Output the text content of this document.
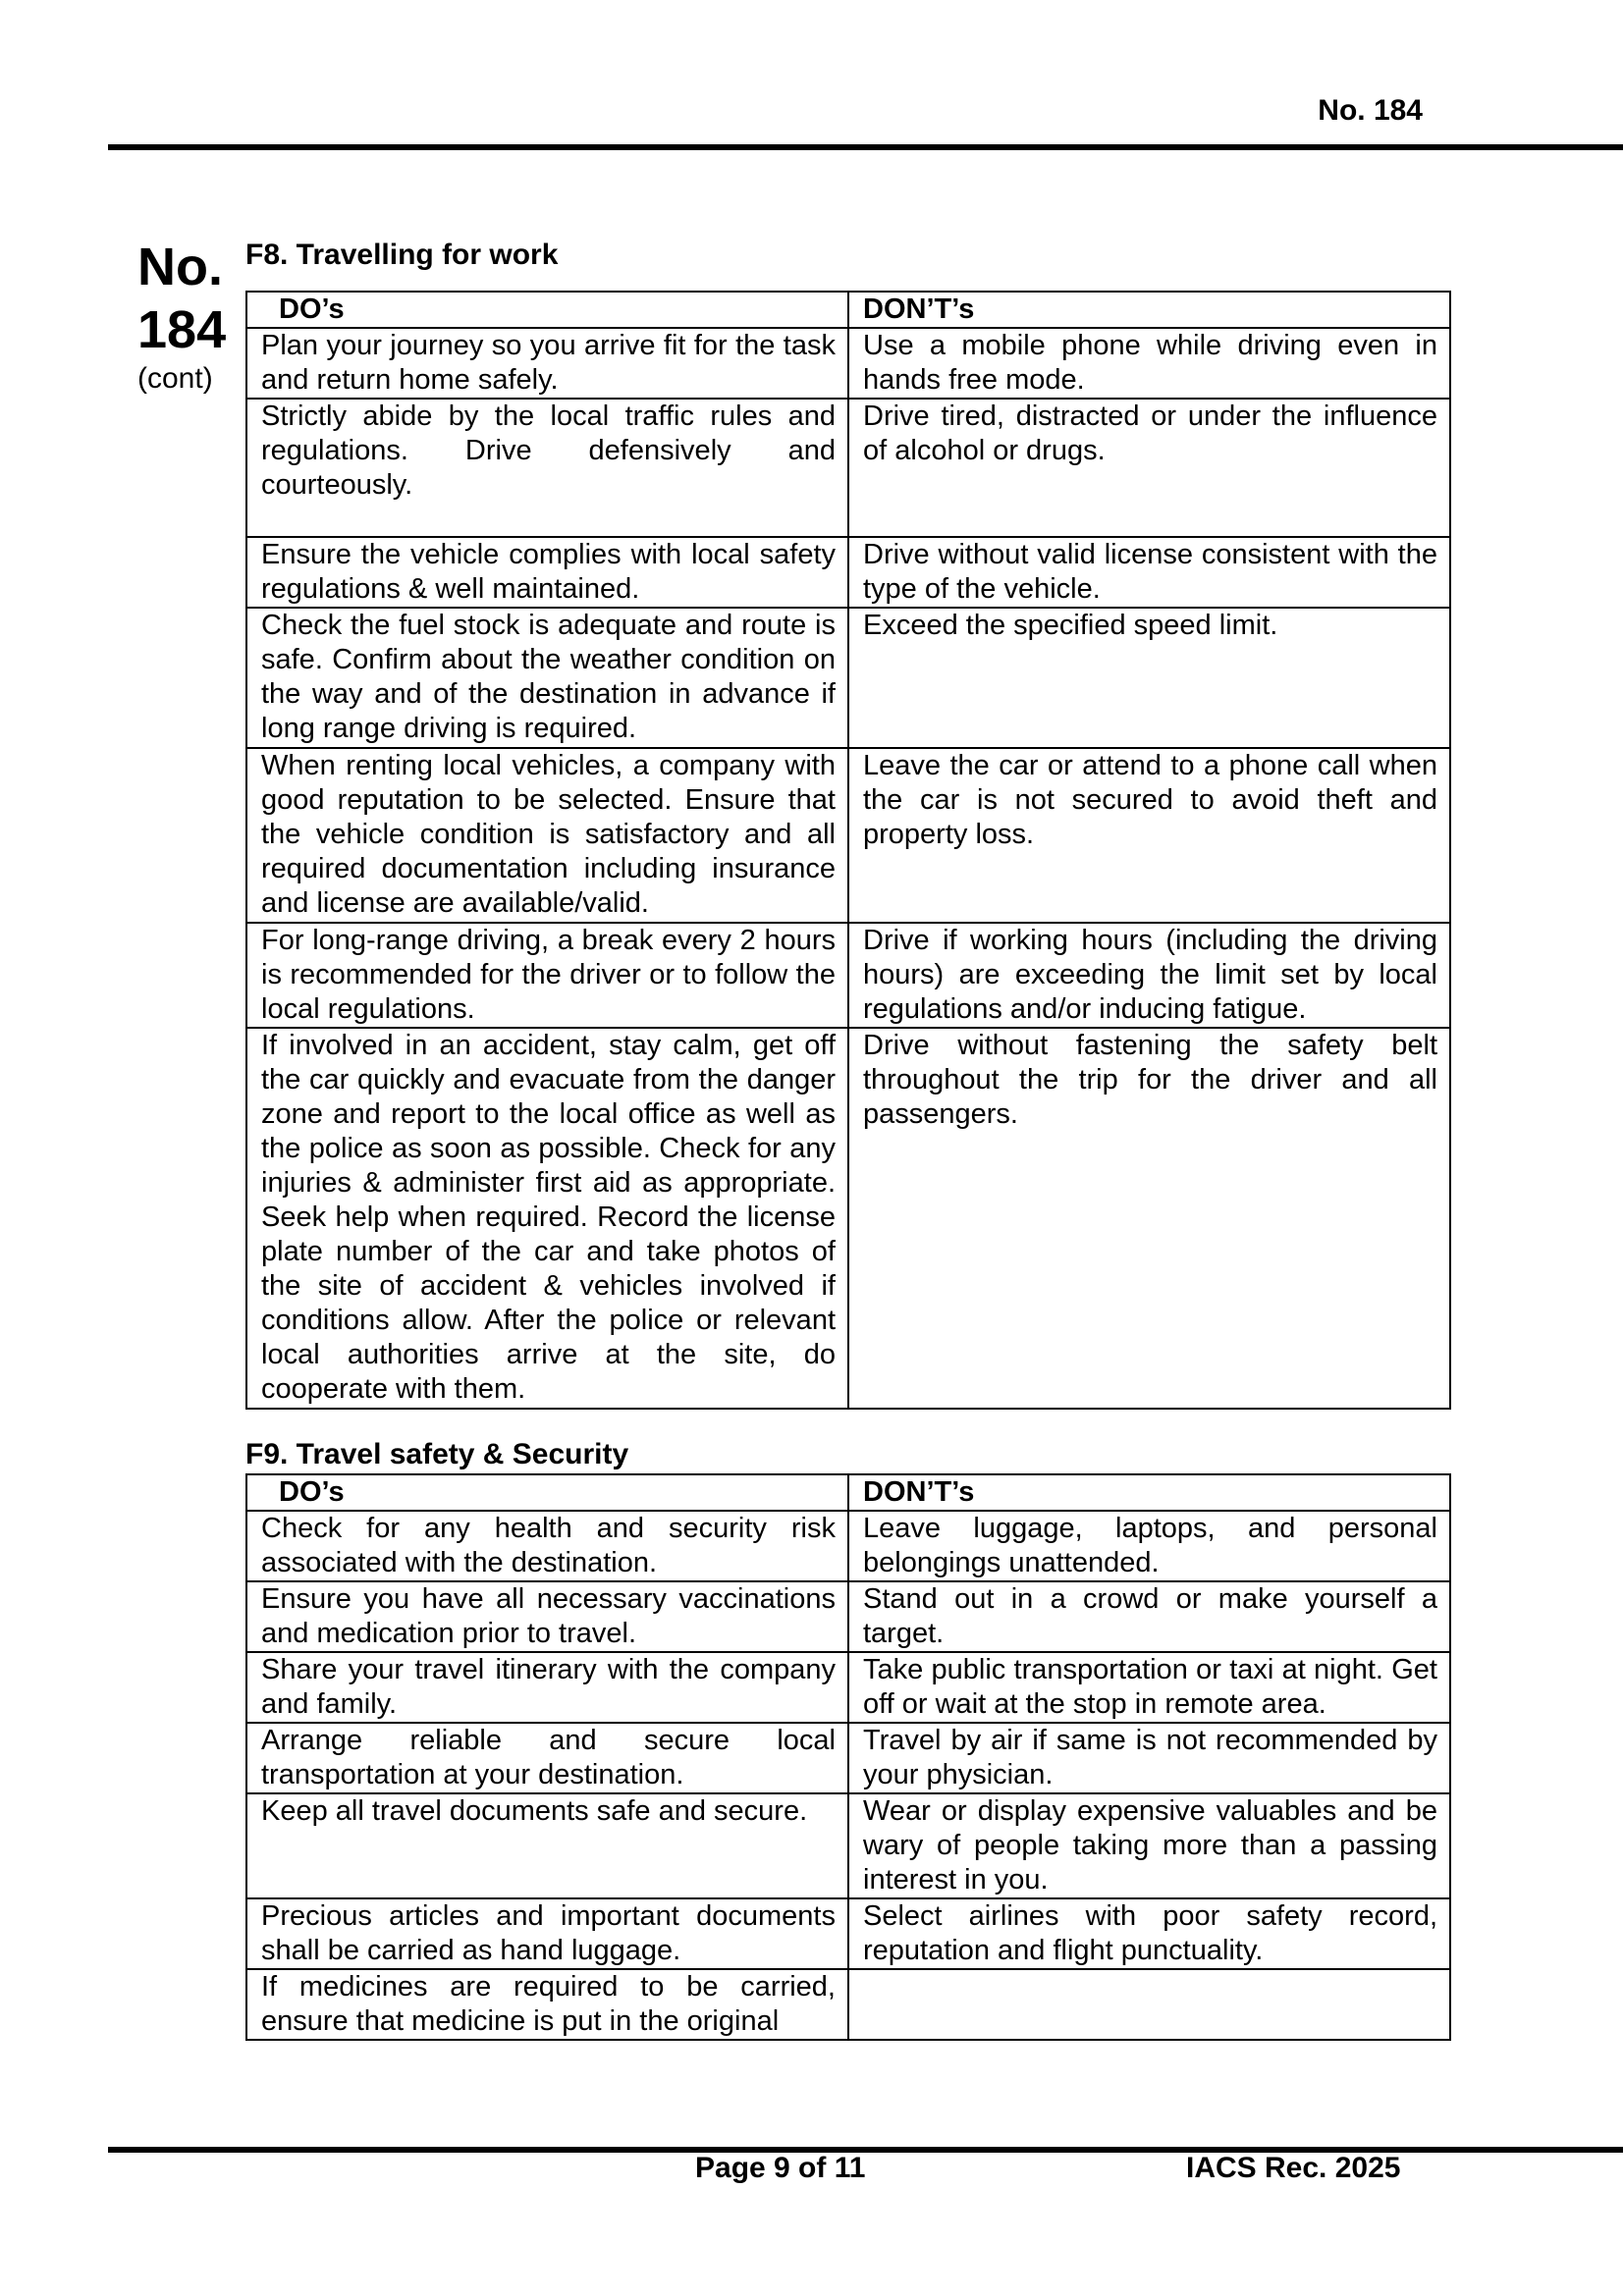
No. 184
No.
184
(cont)
F8. Travelling for work
DO’s	DON’T’s
Plan your journey so you arrive fit for the task and return home safely.	Use a mobile phone while driving even in hands free mode.
Strictly abide by the local traffic rules and regulations. Drive defensively and courteously.	Drive tired, distracted or under the influence of alcohol or drugs.
Ensure the vehicle complies with local safety regulations & well maintained.	Drive without valid license consistent with the type of the vehicle.
Check the fuel stock is adequate and route is safe. Confirm about the weather condition on the way and of the destination in advance if long range driving is required.	Exceed the specified speed limit.
When renting local vehicles, a company with good reputation to be selected. Ensure that the vehicle condition is satisfactory and all required documentation including insurance and license are available/valid.	Leave the car or attend to a phone call when the car is not secured to avoid theft and property loss.
For long-range driving, a break every 2 hours is recommended for the driver or to follow the local regulations.	Drive if working hours (including the driving hours) are exceeding the limit set by local regulations and/or inducing fatigue.
If involved in an accident, stay calm, get off the car quickly and evacuate from the danger zone and report to the local office as well as the police as soon as possible. Check for any injuries & administer first aid as appropriate. Seek help when required. Record the license plate number of the car and take photos of the site of accident & vehicles involved if conditions allow. After the police or relevant local authorities arrive at the site, do cooperate with them.	Drive without fastening the safety belt throughout the trip for the driver and all passengers.
F9. Travel safety & Security
DO’s	DON’T’s
Check for any health and security risk associated with the destination.	Leave luggage, laptops, and personal belongings unattended.
Ensure you have all necessary vaccinations and medication prior to travel.	Stand out in a crowd or make yourself a target.
Share your travel itinerary with the company and family.	Take public transportation or taxi at night. Get off or wait at the stop in remote area.
Arrange reliable and secure local transportation at your destination.	Travel by air if same is not recommended by your physician.
Keep all travel documents safe and secure.	Wear or display expensive valuables and be wary of people taking more than a passing interest in you.
Precious articles and important documents shall be carried as hand luggage.	Select airlines with poor safety record, reputation and flight punctuality.
If medicines are required to be carried, ensure that medicine is put in the original	
Page 9 of 11	IACS Rec. 2025
